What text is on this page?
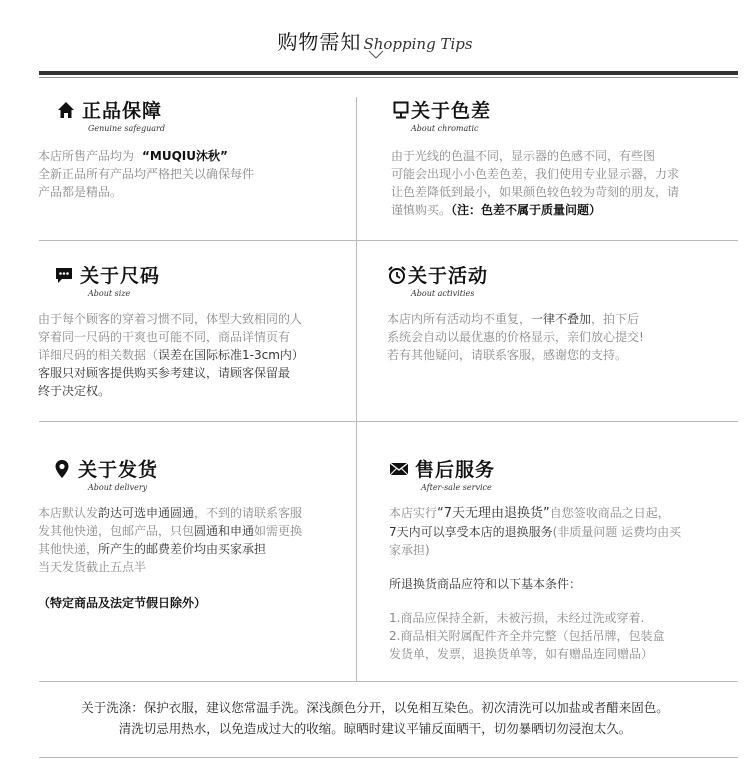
购物需知 Shopping Tips
正品保障
Genuine safeguard
本店所售产品均为 “MUQIU沐秋”
全新正品所有产品均严格把关以确保每件
产品都是精品。
关于色差
About chromatic
由于光线的色温不同，显示器的色感不同，有些图
可能会出现小小色差色差，我们使用专业显示器，力求
让色差降低到最小，如果颜色较色较为苛刻的朋友，请
谨慎购买。（注：色差不属于质量问题）
关于尺码
About size
由于每个顾客的穿着习惯不同，体型大致相同的人
穿着同一尺码的干爽也可能不同，商品详情页有
详细尺码的相关数据（误差在国际标准1-3cm内）
客服只对顾客提供购买参考建议，请顾客保留最
终于决定权。
关于活动
About activities
本店内所有活动均不重复，一律不叠加，拍下后
系统会自动以最优惠的价格显示，亲们放心提交!
若有其他疑问，请联系客服，感谢您的支持。
关于发货
About delivery
本店默认发韵达可选申通圆通，不到的请联系客服
发其他快递，包邮产品，只包圆通和申通如需更换
其他快递，所产生的邮费差价均由买家承担
当天发货截止五点半
（特定商品及法定节假日除外）
售后服务
After-sale service
本店实行“7天无理由退换货”自您签收商品之日起，
7天内可以享受本店的退换服务(非质量问题 运费均由买
家承担)
所退换货商品应符和以下基本条件：
1.商品应保持全新，未被污损，未经过洗或穿着.
2.商品相关附属配件齐全并完整（包括吊牌，包装盒
发货单，发票，退换货单等，如有赠品连同赠品）
关于洗涤：保护衣服，建议您常温手洗。深浅颜色分开，以免相互染色。初次清洗可以加盐或者醋来固色。
清洗切忌用热水，以免造成过大的收缩。晾晒时建议平铺反面晒干，切勿暴晒切勿浸泡太久。
